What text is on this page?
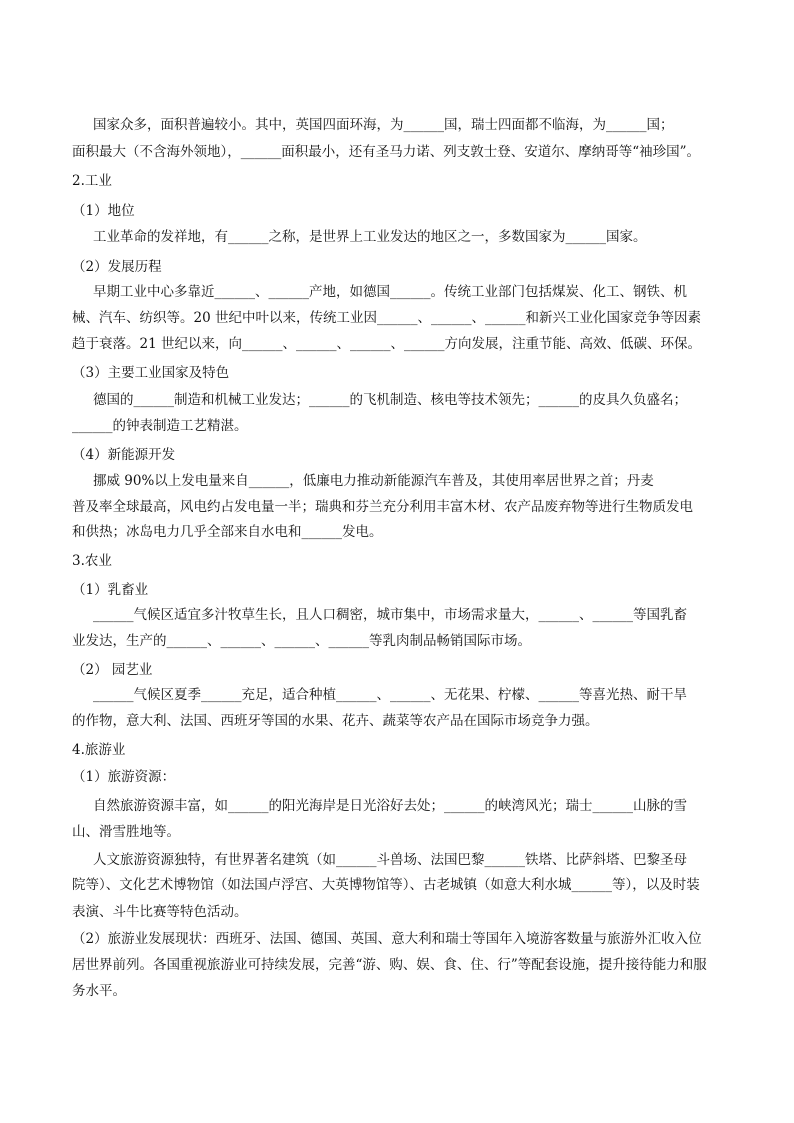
国家众多，面积普遍较小。其中，英国四面环海，为______国，瑞士四面都不临海，为______国；
面积最大（不含海外领地），______面积最小，还有圣马力诺、列支敦士登、安道尔、摩纳哥等“袖珍国”。
2.工业
（1）地位
工业革命的发祥地，有______之称，是世界上工业发达的地区之一，多数国家为______国家。
（2）发展历程
早期工业中心多靠近______、______产地，如德国______。传统工业部门包括煤炭、化工、钢铁、机
械、汽车、纺织等。20 世纪中叶以来，传统工业因______、______、______和新兴工业化国家竞争等因素
趋于衰落。21 世纪以来，向______、______、______、______方向发展，注重节能、高效、低碳、环保。
（3）主要工业国家及特色
德国的______制造和机械工业发达；______的飞机制造、核电等技术领先；______的皮具久负盛名；
______的钟表制造工艺精湛。
（4）新能源开发
挪威 90%以上发电量来自______，低廉电力推动新能源汽车普及，其使用率居世界之首；丹麦
普及率全球最高，风电约占发电量一半；瑞典和芬兰充分利用丰富木材、农产品废弃物等进行生物质发电
和供热；冰岛电力几乎全部来自水电和______发电。
3.农业
（1）乳畜业
______气候区适宜多汁牧草生长，且人口稠密，城市集中，市场需求量大，______、______等国乳畜
业发达，生产的______、______、______、______等乳肉制品畅销国际市场。
（2） 园艺业
______气候区夏季______充足，适合种植______、______、无花果、柠檬、______等喜光热、耐干旱
的作物，意大利、法国、西班牙等国的水果、花卉、蔬菜等农产品在国际市场竞争力强。
4.旅游业
（1）旅游资源：
自然旅游资源丰富，如______的阳光海岸是日光浴好去处；______的峡湾风光；瑞士______山脉的雪
山、滑雪胜地等。
人文旅游资源独特，有世界著名建筑（如______斗兽场、法国巴黎______铁塔、比萨斜塔、巴黎圣母
院等）、文化艺术博物馆（如法国卢浮宫、大英博物馆等）、古老城镇（如意大利水城______等），以及时装
表演、斗牛比赛等特色活动。
（2）旅游业发展现状：西班牙、法国、德国、英国、意大利和瑞士等国年入境游客数量与旅游外汇收入位
居世界前列。各国重视旅游业可持续发展，完善“游、购、娱、食、住、行”等配套设施，提升接待能力和服
务水平。
